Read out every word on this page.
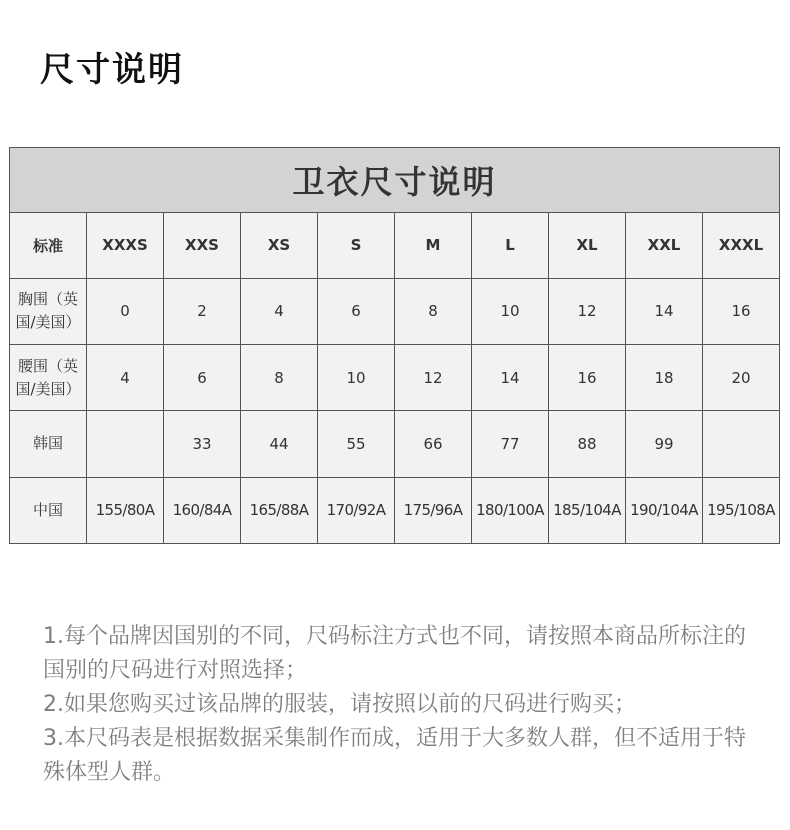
尺寸说明
卫衣尺寸说明									
标准	XXXS	XXS	XS	S	M	L	XL	XXL	XXXL
胸围（英国/美国）	0	2	4	6	8	10	12	14	16
腰围（英国/美国）	4	6	8	10	12	14	16	18	20
韩国		33	44	55	66	77	88	99	
中国	155/80A	160/84A	165/88A	170/92A	175/96A	180/100A	185/104A	190/104A	195/108A

1.每个品牌因国别的不同，尺码标注方式也不同，请按照本商品所标注的国别的尺码进行对照选择；

2.如果您购买过该品牌的服装，请按照以前的尺码进行购买；

3.本尺码表是根据数据采集制作而成，适用于大多数人群，但不适用于特殊体型人群。
